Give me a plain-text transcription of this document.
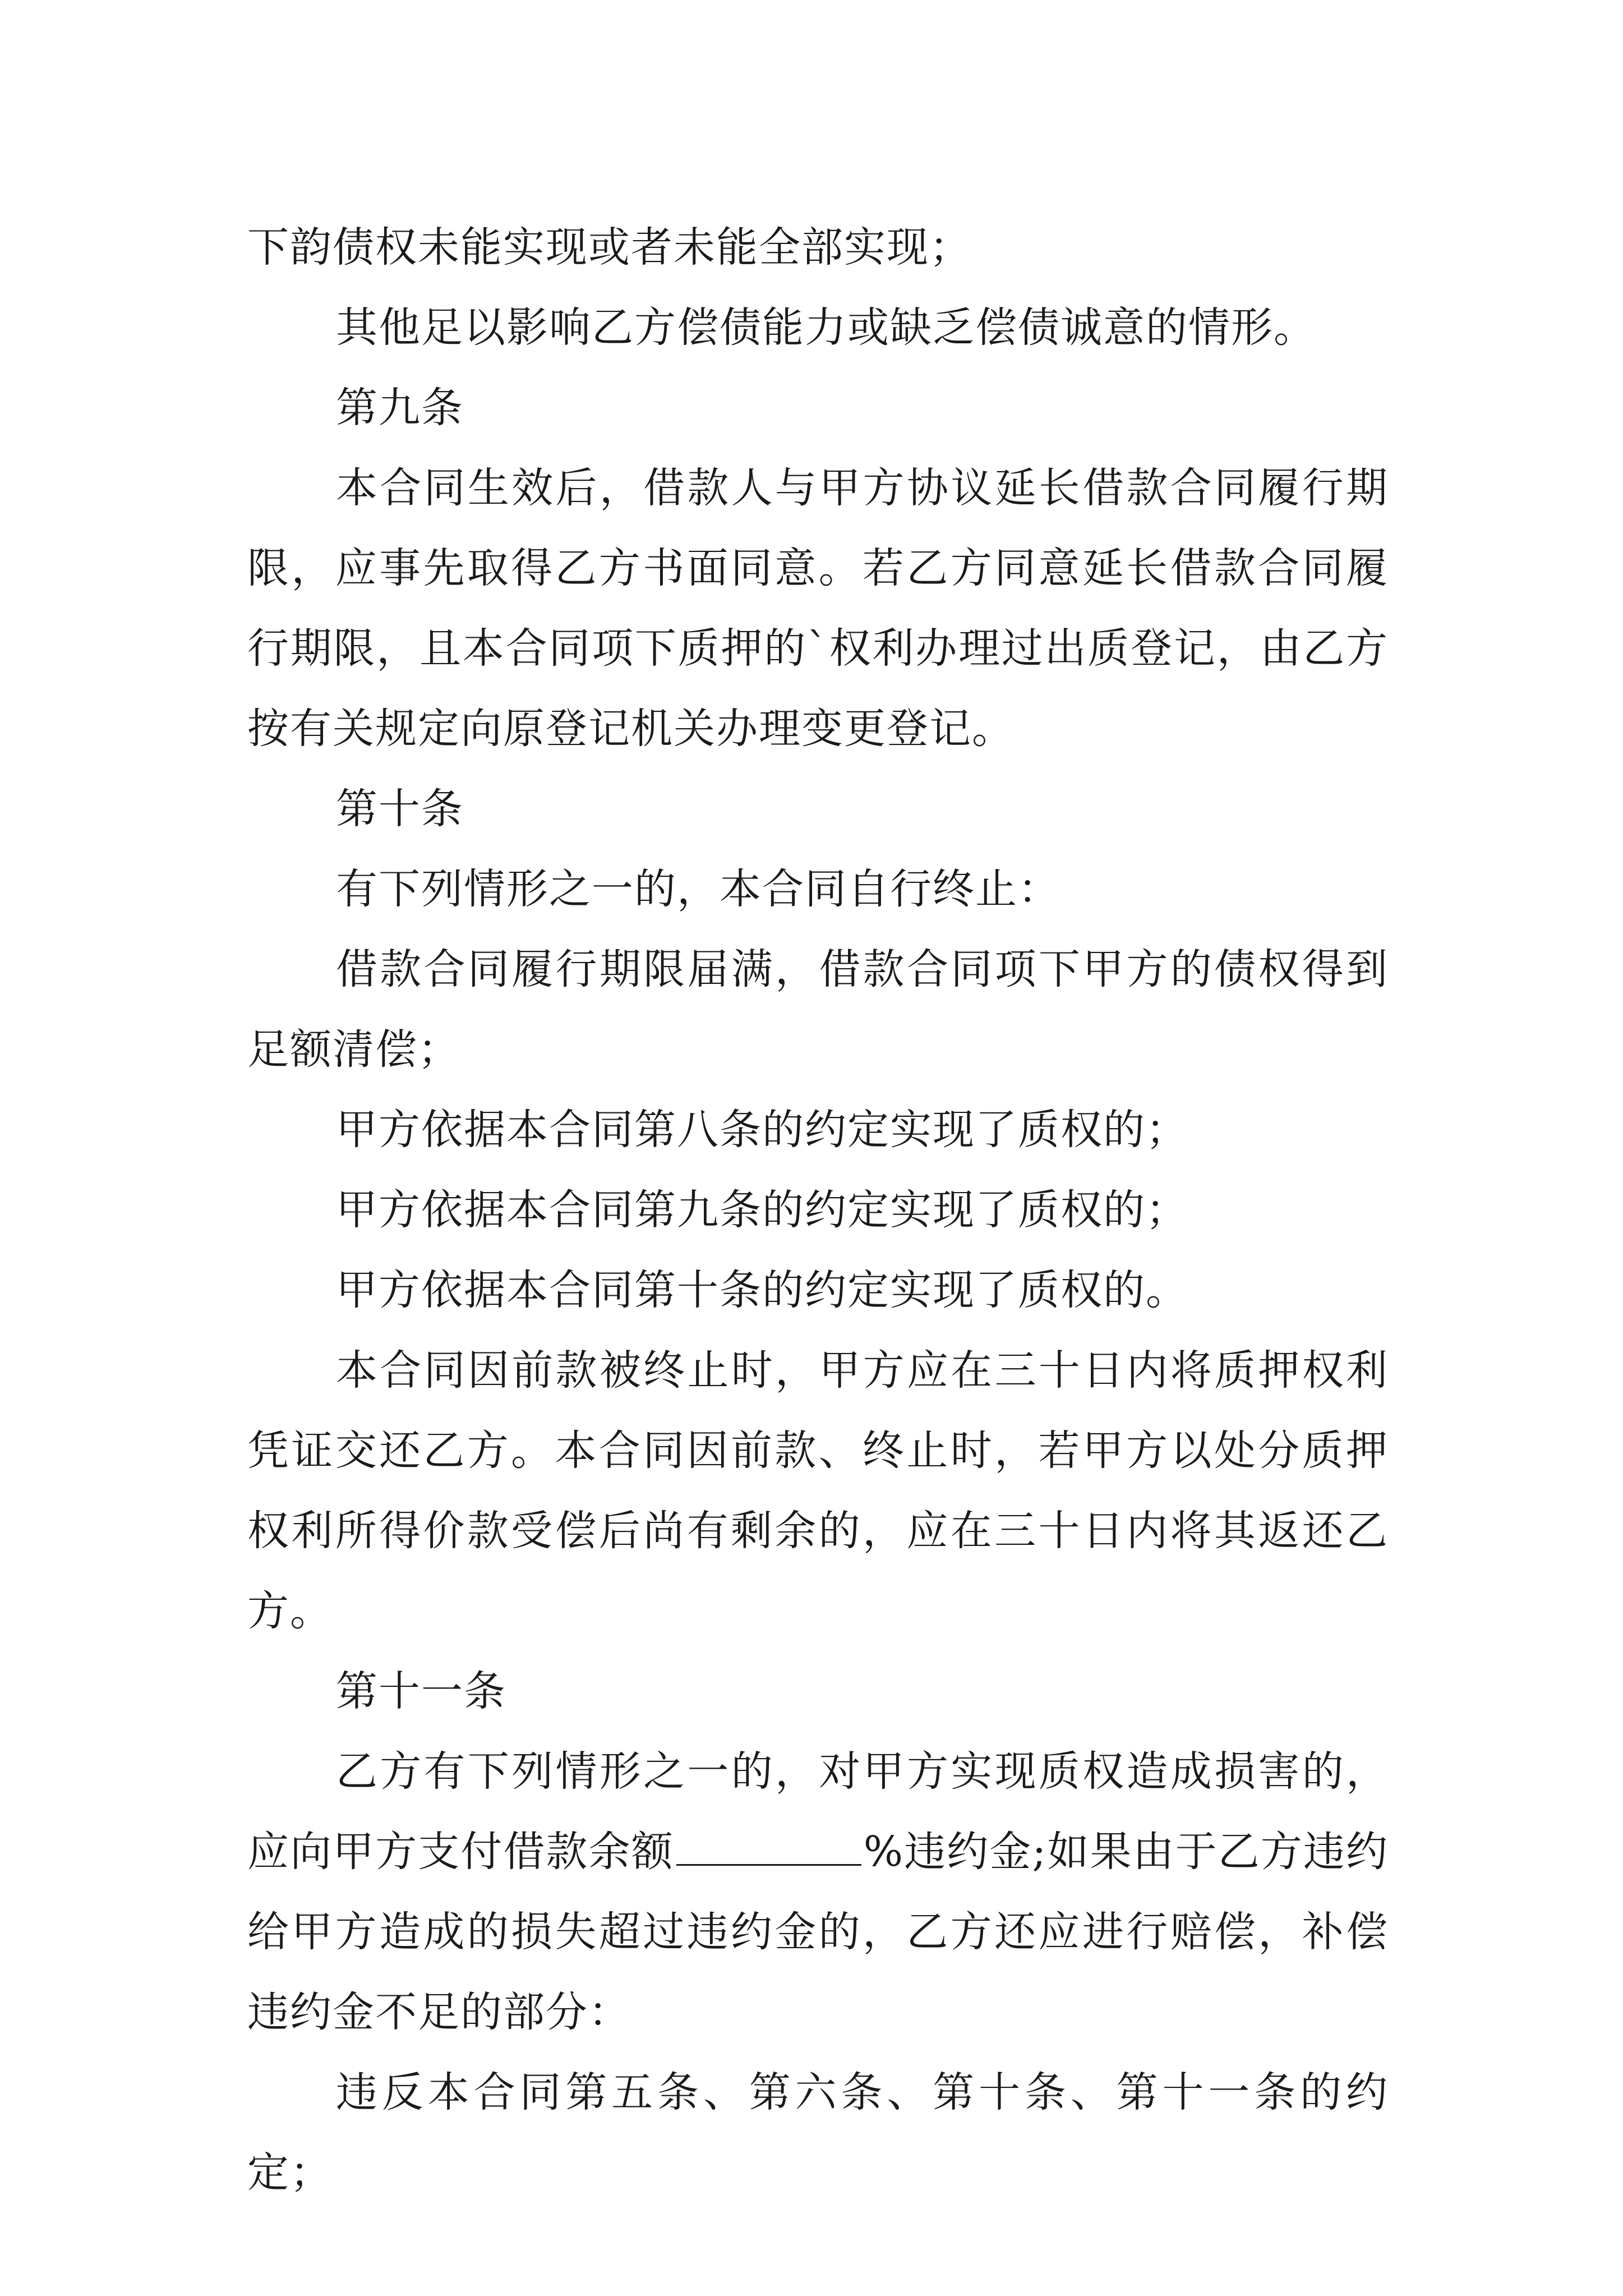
下韵债权未能实现或者未能全部实现；

其他足以影响乙方偿债能力或缺乏偿债诚意的情形。

第九条

本合同生效后，借款人与甲方协议延长借款合同履行期限，应事先取得乙方书面同意。若乙方同意延长借款合同履行期限，且本合同项下质押的`权利办理过出质登记，由乙方按有关规定向原登记机关办理变更登记。

第十条

有下列情形之一的，本合同自行终止：

借款合同履行期限届满，借款合同项下甲方的债权得到足额清偿；

甲方依据本合同第八条的约定实现了质权的；

甲方依据本合同第九条的约定实现了质权的；

甲方依据本合同第十条的约定实现了质权的。

本合同因前款被终止时，甲方应在三十日内将质押权利凭证交还乙方。本合同因前款、终止时，若甲方以处分质押权利所得价款受偿后尚有剩余的，应在三十日内将其返还乙方。

第十一条

乙方有下列情形之一的，对甲方实现质权造成损害的，应向甲方支付借款余额	%违约金;如果由于乙方违约给甲方造成的损失超过违约金的，乙方还应进行赔偿，补偿违约金不足的部分：

违反本合同第五条、第六条、第十条、第十一条的约定；
